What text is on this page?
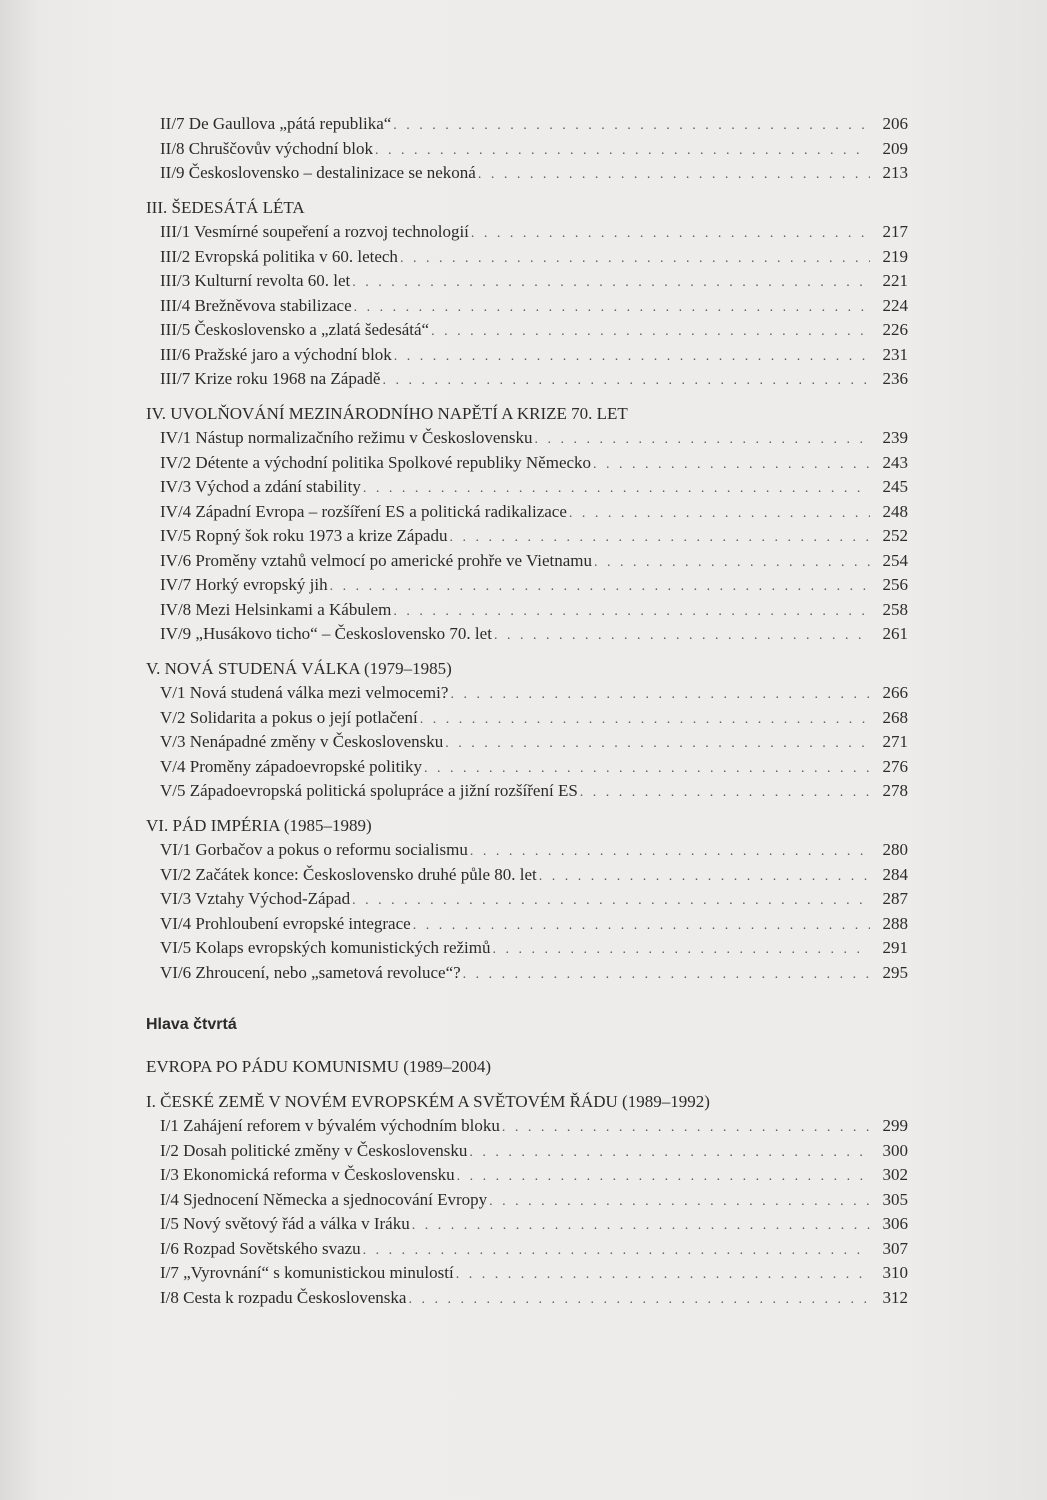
II/7 De Gaullova „pátá republika“ . . .	206
II/8 Chruščovův východní blok . . .	209
II/9 Československo – destalinizace se nekoná . . .	213
III. ŠEDESÁTÁ LÉTA
III/1 Vesmírné soupeření a rozvoj technologií . . .	217
III/2 Evropská politika v 60. letech . . .	219
III/3 Kulturní revolta 60. let . . .	221
III/4 Brežněvova stabilizace . . .	224
III/5 Československo a „zlatá šedesátá“ . . .	226
III/6 Pražské jaro a východní blok . . .	231
III/7 Krize roku 1968 na Západě . . .	236
IV. UVOLŇOVÁNÍ MEZINÁRODNÍHO NAPĚTÍ A KRIZE 70. LET
IV/1 Nástup normalizačního režimu v Československu . . .	239
IV/2 Détente a východní politika Spolkové republiky Německo . . .	243
IV/3 Východ a zdání stability . . .	245
IV/4 Západní Evropa – rozšíření ES a politická radikalizace . . .	248
IV/5 Ropný šok roku 1973 a krize Západu . . .	252
IV/6 Proměny vztahů velmocí po americké prohře ve Vietnamu . . .	254
IV/7 Horký evropský jih . . .	256
IV/8 Mezi Helsinkami a Kábulem . . .	258
IV/9 „Husákovo ticho“ – Československo 70. let . . .	261
V. NOVÁ STUDENÁ VÁLKA (1979–1985)
V/1 Nová studená válka mezi velmocemi? . . .	266
V/2 Solidarita a pokus o její potlačení . . .	268
V/3 Nenápadné změny v Československu . . .	271
V/4 Proměny západoevropské politiky . . .	276
V/5 Západoevropská politická spolupráce a jižní rozšíření ES . . .	278
VI. PÁD IMPÉRIA (1985–1989)
VI/1 Gorbačov a pokus o reformu socialismu . . .	280
VI/2 Začátek konce: Československo druhé půle 80. let . . .	284
VI/3 Vztahy Východ-Západ . . .	287
VI/4 Prohloubení evropské integrace . . .	288
VI/5 Kolaps evropských komunistických režimů . . .	291
VI/6 Zhroucení, nebo „sametová revoluce“? . . .	295
Hlava čtvrtá
EVROPA PO PÁDU KOMUNISMU (1989–2004)
I. ČESKÉ ZEMĚ V NOVÉM EVROPSKÉM A SVĚTOVÉM ŘÁDU (1989–1992)
I/1 Zahájení reforem v bývalém východním bloku . . .	299
I/2 Dosah politické změny v Československu . . .	300
I/3 Ekonomická reforma v Československu . . .	302
I/4 Sjednocení Německa a sjednocování Evropy . . .	305
I/5 Nový světový řád a válka v Iráku . . .	306
I/6 Rozpad Sovětského svazu . . .	307
I/7 „Vyrovnání“ s komunistickou minulostí . . .	310
I/8 Cesta k rozpadu Československa . . .	312
